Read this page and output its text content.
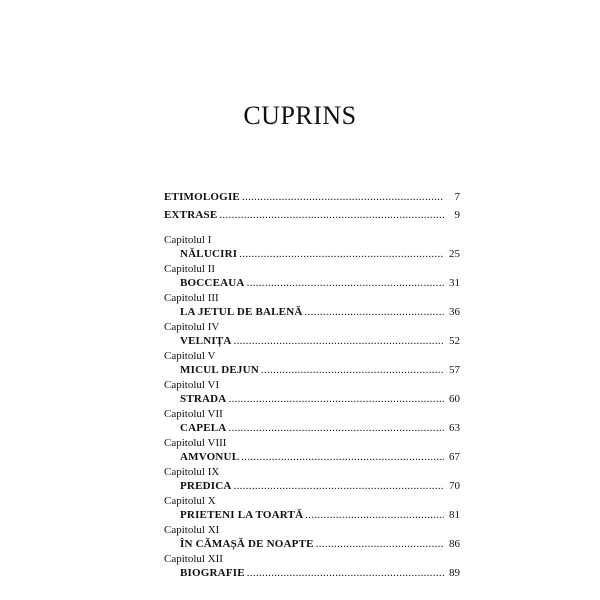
CUPRINS
ETIMOLOGIE .....	7
EXTRASE .....	9
Capitolul I
NĂLUCIRI .....	25
Capitolul II
BOCCEAUA .....	31
Capitolul III
LA JETUL DE BALENĂ .....	36
Capitolul IV
VELNIȚA .....	52
Capitolul V
MICUL DEJUN .....	57
Capitolul VI
STRADA .....	60
Capitolul VII
CAPELA .....	63
Capitolul VIII
AMVONUL .....	67
Capitolul IX
PREDICA .....	70
Capitolul X
PRIETENI LA TOARTĂ .....	81
Capitolul XI
ÎN CĂMAȘĂ DE NOAPTE .....	86
Capitolul XII
BIOGRAFIE .....	89
